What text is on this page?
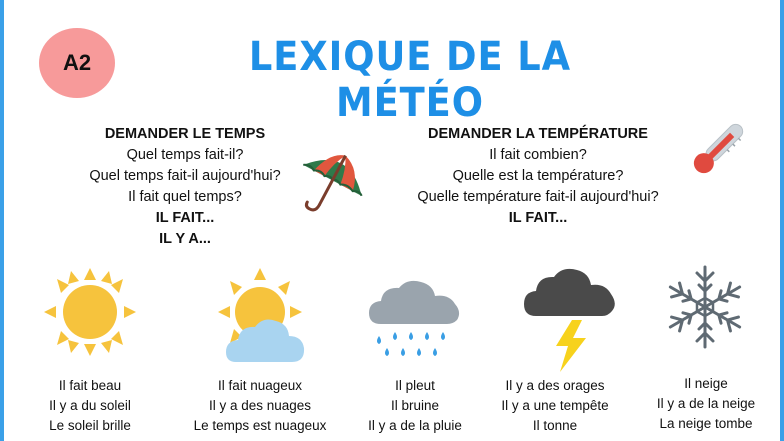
A2	LEXIQUE DE LA MÉTÉO
DEMANDER LE TEMPS
Quel temps fait-il?
Quel temps fait-il aujourd'hui?
Il fait quel temps?
IL FAIT...
IL Y A...
DEMANDER LA TEMPÉRATURE
Il fait combien?
Quelle est la température?
Quelle température fait-il aujourd'hui?
IL FAIT...
Il fait beau
Il y a du soleil
Le soleil brille
Il fait nuageux
Il y a des nuages
Le temps est nuageux
Il pleut
Il bruine
Il y a de la pluie
Il y a des orages
Il y a une tempête
Il tonne
Il neige
Il y a de la neige
La neige tombe
